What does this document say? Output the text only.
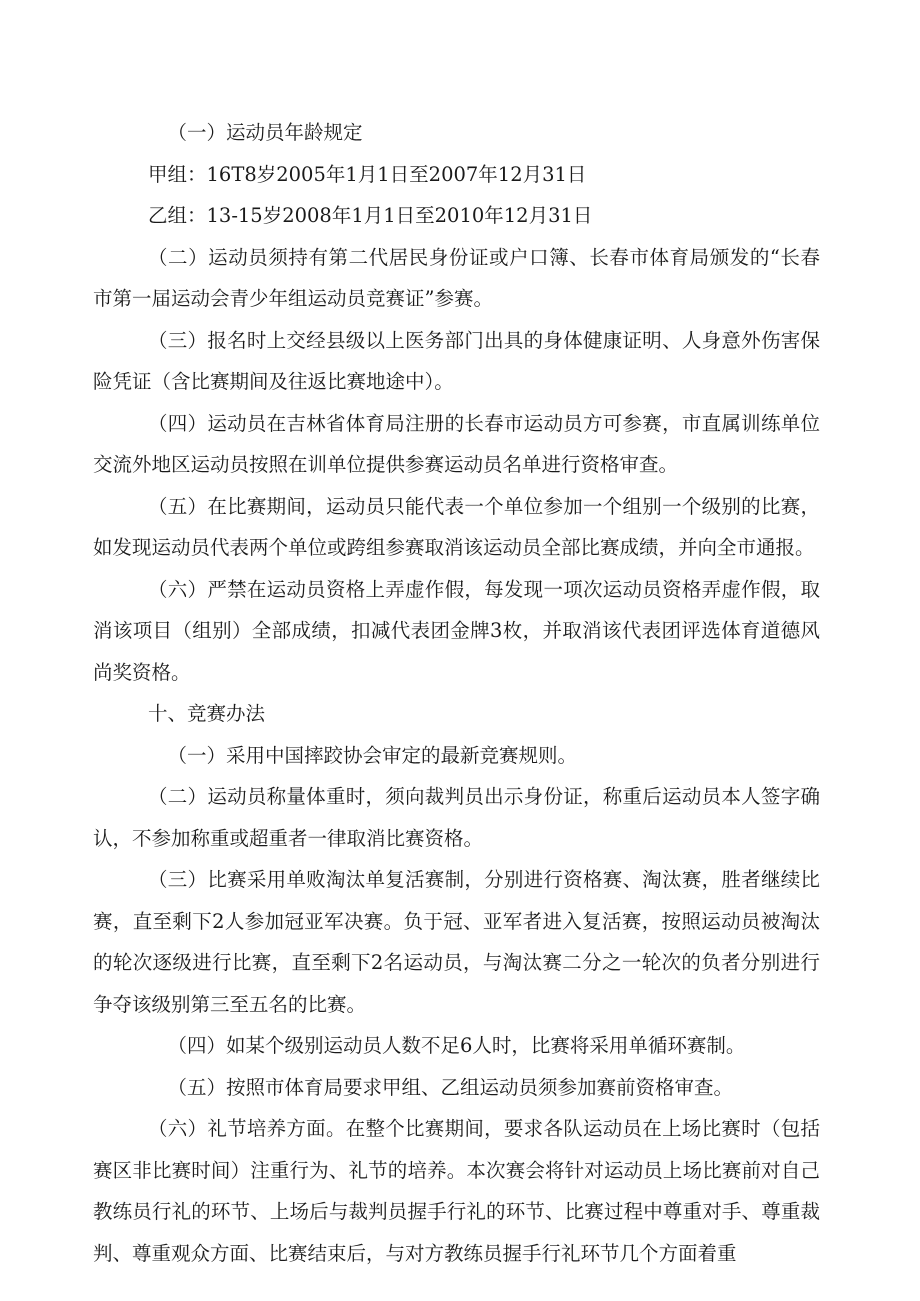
（一）运动员年龄规定

甲组：16T8岁2005年1月1日至2007年12月31日

乙组：13-15岁2008年1月1日至2010年12月31日

（二）运动员须持有第二代居民身份证或户口簿、长春市体育局颁发的“长春市第一届运动会青少年组运动员竞赛证”参赛。

（三）报名时上交经县级以上医务部门出具的身体健康证明、人身意外伤害保险凭证（含比赛期间及往返比赛地途中）。

（四）运动员在吉林省体育局注册的长春市运动员方可参赛，市直属训练单位交流外地区运动员按照在训单位提供参赛运动员名单进行资格审查。

（五）在比赛期间，运动员只能代表一个单位参加一个组别一个级别的比赛，如发现运动员代表两个单位或跨组参赛取消该运动员全部比赛成绩，并向全市通报。

（六）严禁在运动员资格上弄虚作假，每发现一项次运动员资格弄虚作假，取消该项目（组别）全部成绩，扣减代表团金牌3枚，并取消该代表团评选体育道德风尚奖资格。

十、竞赛办法

（一）采用中国摔跤协会审定的最新竞赛规则。

（二）运动员称量体重时，须向裁判员出示身份证，称重后运动员本人签字确认，不参加称重或超重者一律取消比赛资格。

（三）比赛采用单败淘汰单复活赛制，分别进行资格赛、淘汰赛，胜者继续比赛，直至剩下2人参加冠亚军决赛。负于冠、亚军者进入复活赛，按照运动员被淘汰的轮次逐级进行比赛，直至剩下2名运动员，与淘汰赛二分之一轮次的负者分别进行争夺该级别第三至五名的比赛。

（四）如某个级别运动员人数不足6人时，比赛将采用单循环赛制。

（五）按照市体育局要求甲组、乙组运动员须参加赛前资格审查。

（六）礼节培养方面。在整个比赛期间，要求各队运动员在上场比赛时（包括赛区非比赛时间）注重行为、礼节的培养。本次赛会将针对运动员上场比赛前对自己教练员行礼的环节、上场后与裁判员握手行礼的环节、比赛过程中尊重对手、尊重裁判、尊重观众方面、比赛结束后，与对方教练员握手行礼环节几个方面着重
